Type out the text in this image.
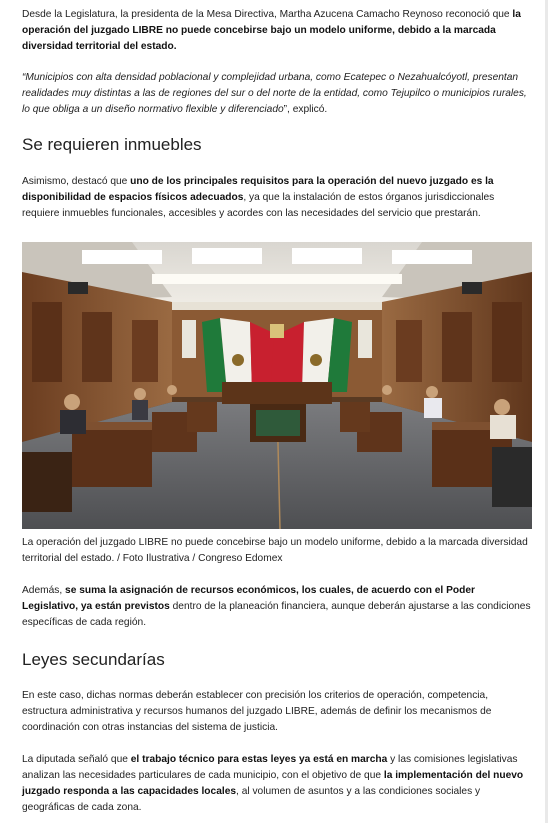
Desde la Legislatura, la presidenta de la Mesa Directiva, Martha Azucena Camacho Reynoso reconoció que la operación del juzgado LIBRE no puede concebirse bajo un modelo uniforme, debido a la marcada diversidad territorial del estado.

“Municipios con alta densidad poblacional y complejidad urbana, como Ecatepec o Nezahualcóyotl, presentan realidades muy distintas a las de regiones del sur o del norte de la entidad, como Tejupilco o municipios rurales, lo que obliga a un diseño normativo flexible y diferenciado”, explicó.

Se requieren inmuebles

Asimismo, destacó que uno de los principales requisitos para la operación del nuevo juzgado es la disponibilidad de espacios físicos adecuados, ya que la instalación de estos órganos jurisdiccionales requiere inmuebles funcionales, accesibles y acordes con las necesidades del servicio que prestarán.

La operación del juzgado LIBRE no puede concebirse bajo un modelo uniforme, debido a la marcada diversidad territorial del estado. / Foto Ilustrativa / Congreso Edomex

Además, se suma la asignación de recursos económicos, los cuales, de acuerdo con el Poder Legislativo, ya están previstos dentro de la planeación financiera, aunque deberán ajustarse a las condiciones específicas de cada región.

Leyes secundarías

En este caso, dichas normas deberán establecer con precisión los criterios de operación, competencia, estructura administrativa y recursos humanos del juzgado LIBRE, además de definir los mecanismos de coordinación con otras instancias del sistema de justicia.

La diputada señaló que el trabajo técnico para estas leyes ya está en marcha y las comisiones legislativas analizan las necesidades particulares de cada municipio, con el objetivo de que la implementación del nuevo juzgado responda a las capacidades locales, al volumen de asuntos y a las condiciones sociales y geográficas de cada zona.
